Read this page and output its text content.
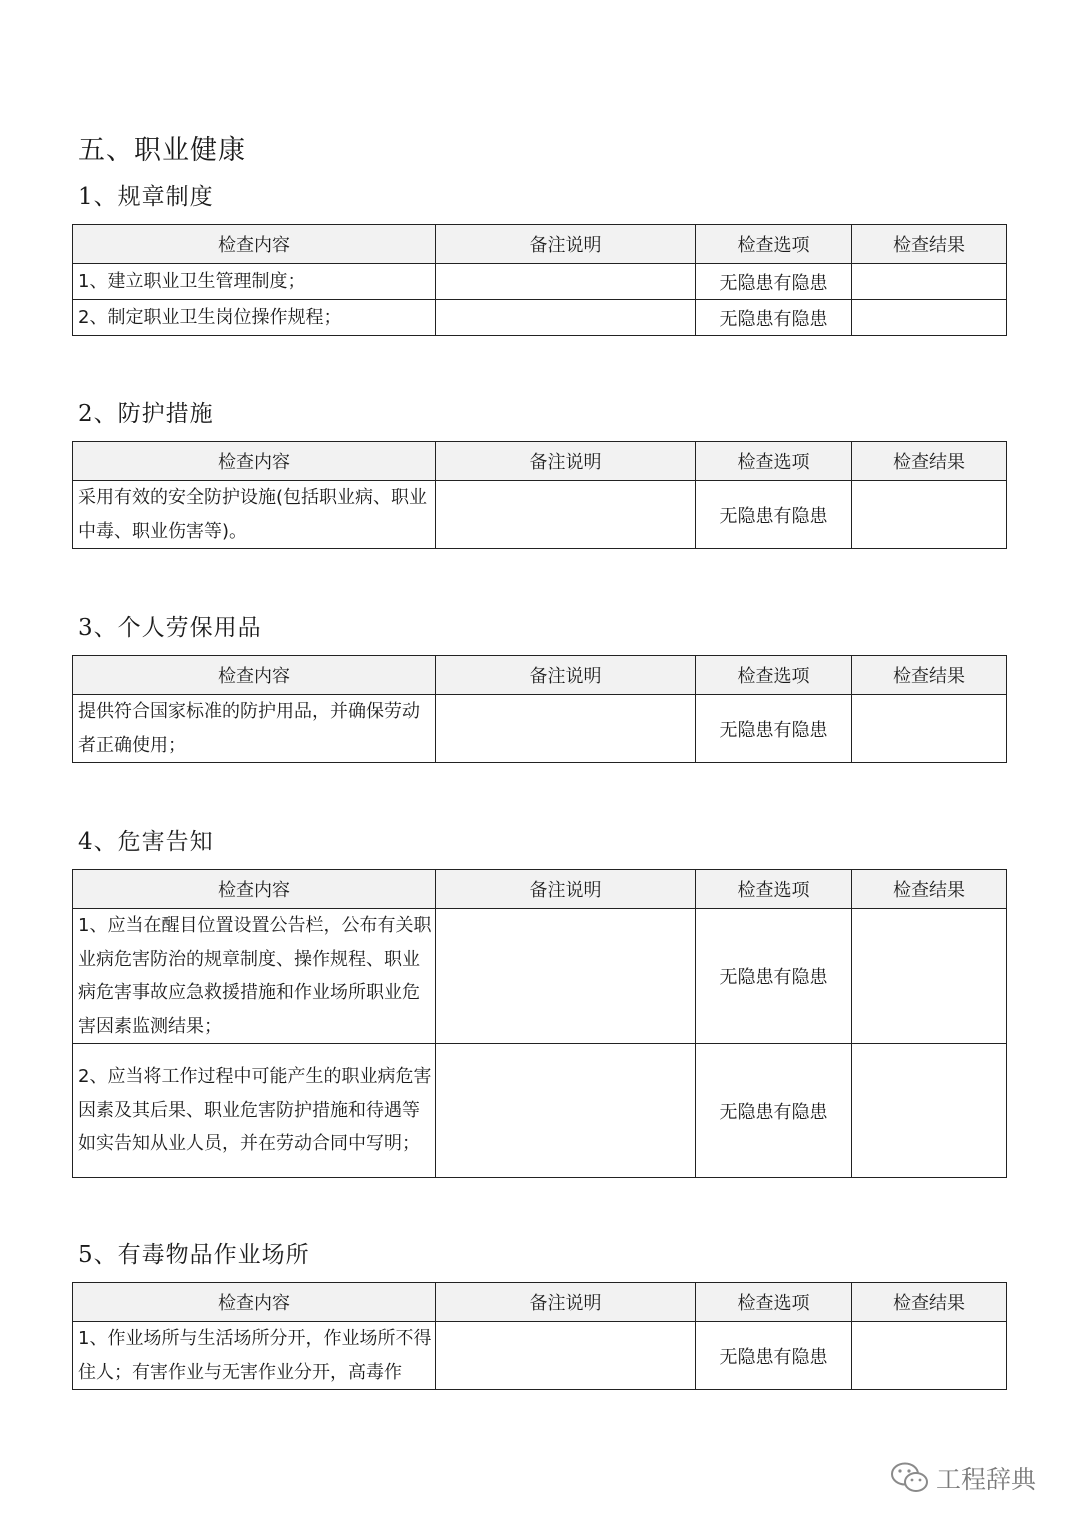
五、职业健康
1、规章制度
检查内容	备注说明	检查选项	检查结果
1、建立职业卫生管理制度；		无隐患有隐患	
2、制定职业卫生岗位操作规程；		无隐患有隐患	
2、防护措施
检查内容	备注说明	检查选项	检查结果
采用有效的安全防护设施(包括职业病、职业中毒、职业伤害等)。		无隐患有隐患	
3、个人劳保用品
检查内容	备注说明	检查选项	检查结果
提供符合国家标准的防护用品，并确保劳动者正确使用；		无隐患有隐患	
4、危害告知
检查内容	备注说明	检查选项	检查结果
1、应当在醒目位置设置公告栏，公布有关职业病危害防治的规章制度、操作规程、职业病危害事故应急救援措施和作业场所职业危害因素监测结果；		无隐患有隐患	
2、应当将工作过程中可能产生的职业病危害因素及其后果、职业危害防护措施和待遇等如实告知从业人员，并在劳动合同中写明；		无隐患有隐患	
5、有毒物品作业场所
检查内容	备注说明	检查选项	检查结果
1、作业场所与生活场所分开，作业场所不得住人；有害作业与无害作业分开，高毒作		无隐患有隐患	
工程辞典
